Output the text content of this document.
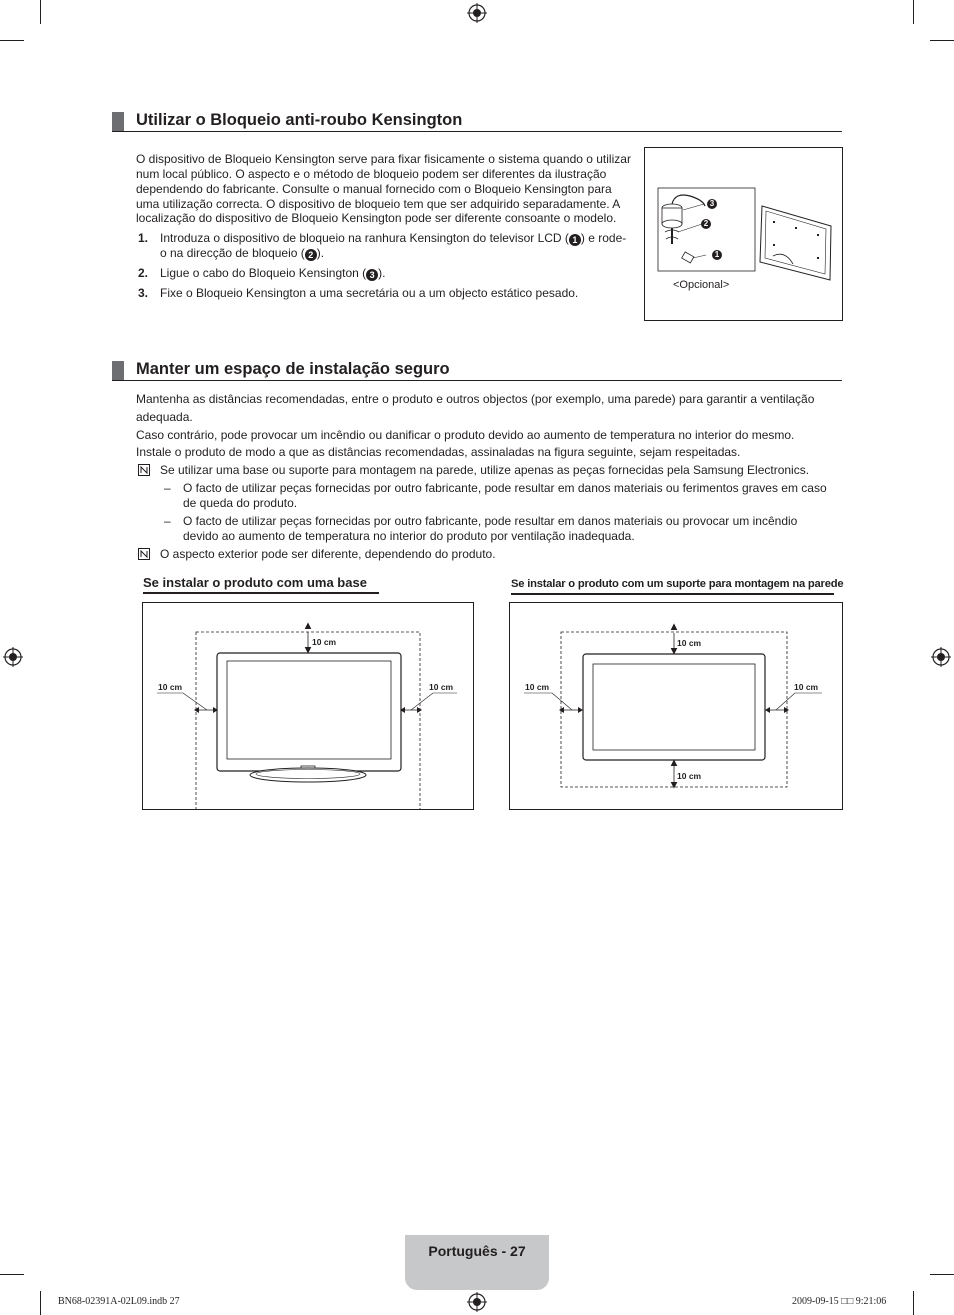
Utilizar o Bloqueio anti-roubo Kensington
O dispositivo de Bloqueio Kensington serve para fixar fisicamente o sistema quando o utilizar
num local público. O aspecto e o método de bloqueio podem ser diferentes da ilustração
dependendo do fabricante. Consulte o manual fornecido com o Bloqueio Kensington para
uma utilização correcta. O dispositivo de bloqueio tem que ser adquirido separadamente. A
localização do dispositivo de Bloqueio Kensington pode ser diferente consoante o modelo.
1. Introduza o dispositivo de bloqueio na ranhura Kensington do televisor LCD ( 1 ) e rode-
o na direcção de bloqueio ( 2 ).
2. Ligue o cabo do Bloqueio Kensington ( 3 ).
3. Fixe o Bloqueio Kensington a uma secretária ou a um objecto estático pesado.
3
2
1
<Opcional>
Manter um espaço de instalação seguro
Mantenha as distâncias recomendadas, entre o produto e outros objectos (por exemplo, uma parede) para garantir a ventilação
adequada.
Caso contrário, pode provocar um incêndio ou danificar o produto devido ao aumento de temperatura no interior do mesmo.
Instale o produto de modo a que as distâncias recomendadas, assinaladas na figura seguinte, sejam respeitadas.
Se utilizar uma base ou suporte para montagem na parede, utilize apenas as peças fornecidas pela Samsung Electronics.
– O facto de utilizar peças fornecidas por outro fabricante, pode resultar em danos materiais ou ferimentos graves em caso
de queda do produto.
– O facto de utilizar peças fornecidas por outro fabricante, pode resultar em danos materiais ou provocar um incêndio
devido ao aumento de temperatura no interior do produto por ventilação inadequada.
O aspecto exterior pode ser diferente, dependendo do produto.
Se instalar o produto com uma base	Se instalar o produto com um suporte para montagem na parede
10 cm
10 cm	10 cm
10 cm
10 cm
10 cm	10 cm
Português - 27
BN68-02391A-02L09.indb 27	2009-09-15 □□ 9:21:06
